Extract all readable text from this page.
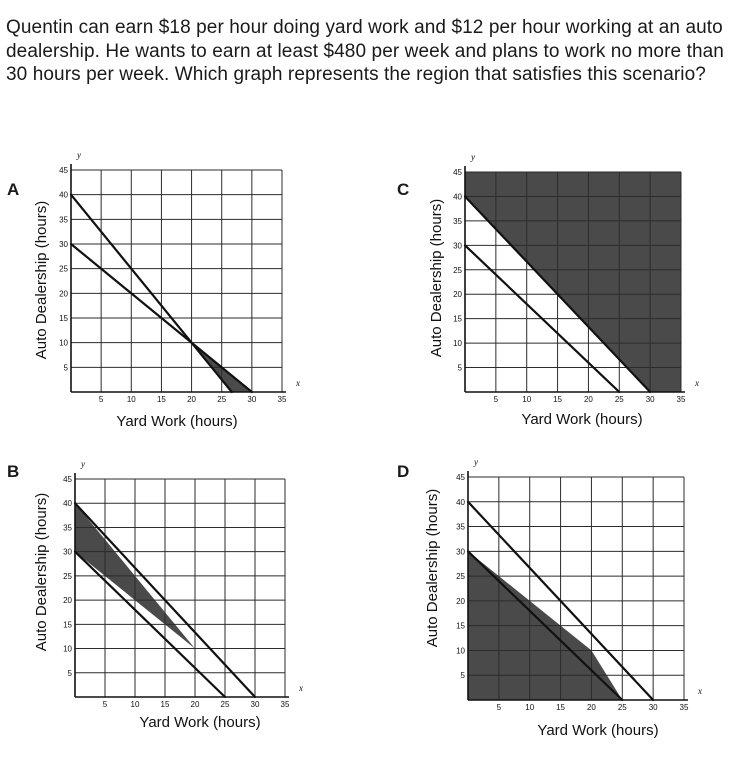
Quentin can earn $18 per hour doing yard work and $12 per hour working at an auto dealership. He wants to earn at least $480 per week and plans to work no more than 30 hours per week. Which graph represents the region that satisfies this scenario?

A	C
B	D
x
y
5	10	15	20	25	30	35
5
10
15
20
25
30
35
40
45
Yard Work (hours)
Auto Dealership (hours)
x
y
5	10	15	20	25	30	35
5
10
15
20
25
30
35
40
45
Yard Work (hours)
Auto Dealership (hours)
x
y
5	10	15	20	25	30	35
5
10
15
20
25
30
35
40
45
Yard Work (hours)
Auto Dealership (hours)
x
y
5	10	15	20	25	30	35
5
10
15
20
25
30
35
40
45
Yard Work (hours)
Auto Dealership (hours)
